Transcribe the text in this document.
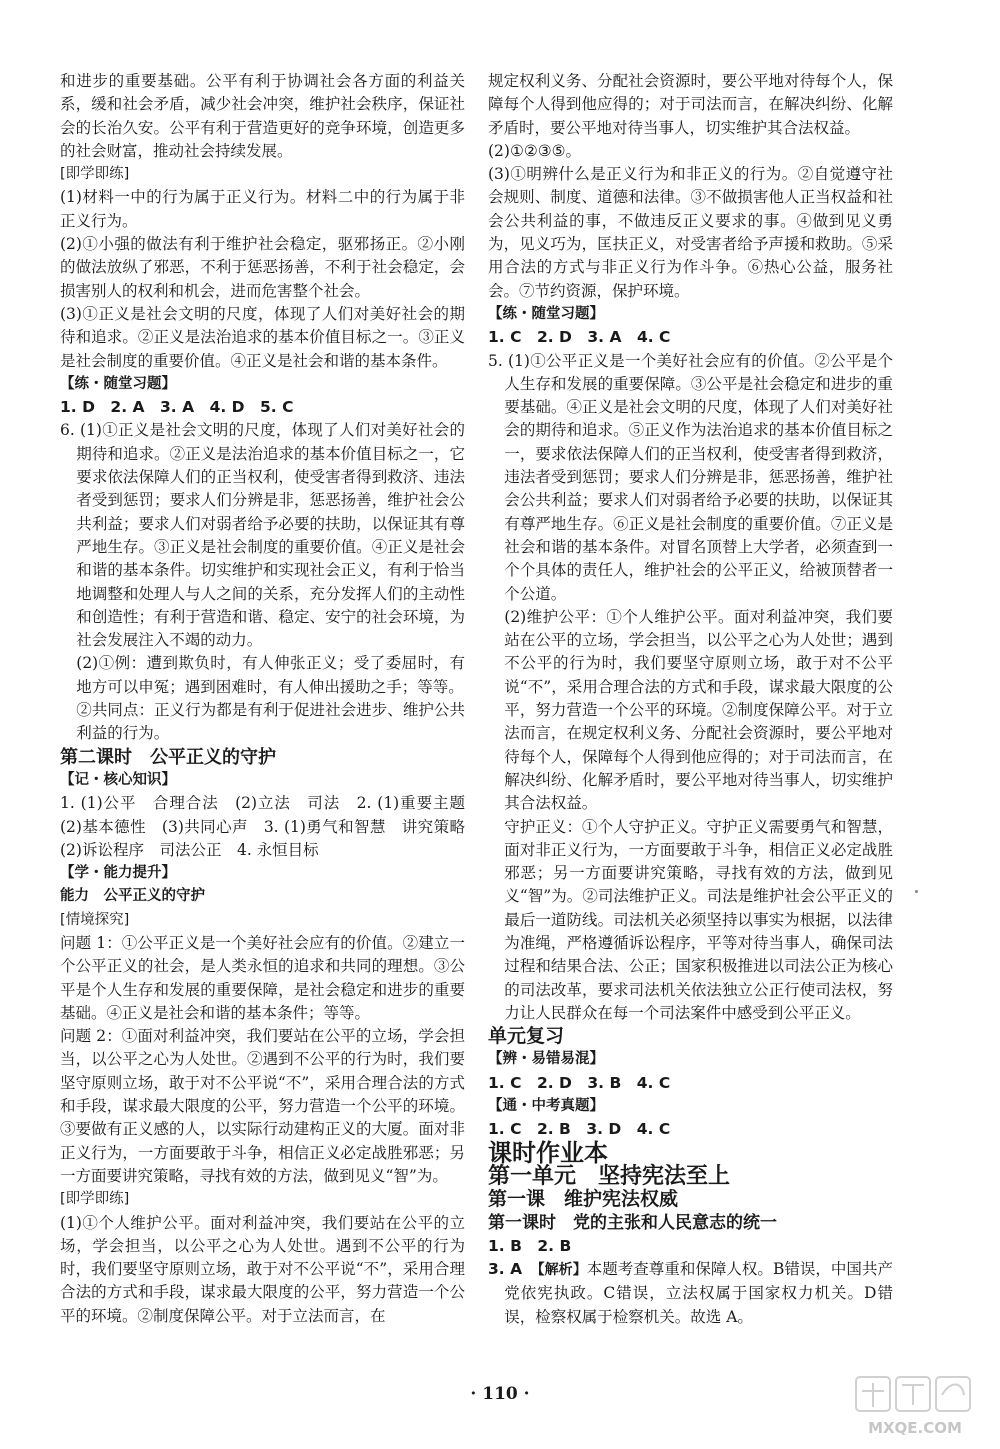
和进步的重要基础。公平有利于协调社会各方面的利益关系，缓和社会矛盾，减少社会冲突，维护社会秩序，保证社会的长治久安。公平有利于营造更好的竞争环境，创造更多的社会财富，推动社会持续发展。

[即学即练]

(1)材料一中的行为属于正义行为。材料二中的行为属于非正义行为。

(2)①小强的做法有利于维护社会稳定，驱邪扬正。②小刚的做法放纵了邪恶，不利于惩恶扬善，不利于社会稳定，会损害别人的权利和机会，进而危害整个社会。

(3)①正义是社会文明的尺度，体现了人们对美好社会的期待和追求。②正义是法治追求的基本价值目标之一。③正义是社会制度的重要价值。④正义是社会和谐的基本条件。

【练・随堂习题】

1. D　2. A　3. A　4. D　5. C

6. (1)①正义是社会文明的尺度，体现了人们对美好社会的期待和追求。②正义是法治追求的基本价值目标之一，它要求依法保障人们的正当权利，使受害者得到救济、违法者受到惩罚；要求人们分辨是非，惩恶扬善，维护社会公共利益；要求人们对弱者给予必要的扶助，以保证其有尊严地生存。③正义是社会制度的重要价值。④正义是社会和谐的基本条件。切实维护和实现社会正义，有利于恰当地调整和处理人与人之间的关系，充分发挥人们的主动性和创造性；有利于营造和谐、稳定、安宁的社会环境，为社会发展注入不竭的动力。

(2)①例：遭到欺负时，有人伸张正义；受了委屈时，有地方可以申冤；遇到困难时，有人伸出援助之手；等等。

②共同点：正义行为都是有利于促进社会进步、维护公共利益的行为。

第二课时　公平正义的守护

【记・核心知识】

1. (1)公平　合理合法　(2)立法　司法　2. (1)重要主题　(2)基本德性　(3)共同心声　3. (1)勇气和智慧　讲究策略　(2)诉讼程序　司法公正　4. 永恒目标

【学・能力提升】

能力　公平正义的守护

[情境探究]

问题 1：①公平正义是一个美好社会应有的价值。②建立一个公平正义的社会，是人类永恒的追求和共同的理想。③公平是个人生存和发展的重要保障，是社会稳定和进步的重要基础。④正义是社会和谐的基本条件；等等。

问题 2：①面对利益冲突，我们要站在公平的立场，学会担当，以公平之心为人处世。②遇到不公平的行为时，我们要坚守原则立场，敢于对不公平说“不”，采用合理合法的方式和手段，谋求最大限度的公平，努力营造一个公平的环境。③要做有正义感的人，以实际行动建构正义的大厦。面对非正义行为，一方面要敢于斗争，相信正义必定战胜邪恶；另一方面要讲究策略，寻找有效的方法，做到见义“智”为。

[即学即练]

(1)①个人维护公平。面对利益冲突，我们要站在公平的立场，学会担当，以公平之心为人处世。遇到不公平的行为时，我们要坚守原则立场，敢于对不公平说“不”，采用合理合法的方式和手段，谋求最大限度的公平，努力营造一个公平的环境。②制度保障公平。对于立法而言，在

规定权利义务、分配社会资源时，要公平地对待每个人，保障每个人得到他应得的；对于司法而言，在解决纠纷、化解矛盾时，要公平地对待当事人，切实维护其合法权益。

(2)①②③⑤。

(3)①明辨什么是正义行为和非正义的行为。②自觉遵守社会规则、制度、道德和法律。③不做损害他人正当权益和社会公共利益的事，不做违反正义要求的事。④做到见义勇为，见义巧为，匡扶正义，对受害者给予声援和救助。⑤采用合法的方式与非正义行为作斗争。⑥热心公益，服务社会。⑦节约资源，保护环境。

【练・随堂习题】

1. C　2. D　3. A　4. C

5. (1)①公平正义是一个美好社会应有的价值。②公平是个人生存和发展的重要保障。③公平是社会稳定和进步的重要基础。④正义是社会文明的尺度，体现了人们对美好社会的期待和追求。⑤正义作为法治追求的基本价值目标之一，要求依法保障人们的正当权利，使受害者得到救济，违法者受到惩罚；要求人们分辨是非，惩恶扬善，维护社会公共利益；要求人们对弱者给予必要的扶助，以保证其有尊严地生存。⑥正义是社会制度的重要价值。⑦正义是社会和谐的基本条件。对冒名顶替上大学者，必须查到一个个具体的责任人，维护社会的公平正义，给被顶替者一个公道。

(2)维护公平：①个人维护公平。面对利益冲突，我们要站在公平的立场，学会担当，以公平之心为人处世；遇到不公平的行为时，我们要坚守原则立场，敢于对不公平说“不”，采用合理合法的方式和手段，谋求最大限度的公平，努力营造一个公平的环境。②制度保障公平。对于立法而言，在规定权利义务、分配社会资源时，要公平地对待每个人，保障每个人得到他应得的；对于司法而言，在解决纠纷、化解矛盾时，要公平地对待当事人，切实维护其合法权益。

守护正义：①个人守护正义。守护正义需要勇气和智慧，面对非正义行为，一方面要敢于斗争，相信正义必定战胜邪恶；另一方面要讲究策略，寻找有效的方法，做到见义“智”为。②司法维护正义。司法是维护社会公平正义的最后一道防线。司法机关必须坚持以事实为根据，以法律为准绳，严格遵循诉讼程序，平等对待当事人，确保司法过程和结果合法、公正；国家积极推进以司法公正为核心的司法改革，要求司法机关依法独立公正行使司法权，努力让人民群众在每一个司法案件中感受到公平正义。

单元复习

【辨・易错易混】

1. C　2. D　3. B　4. C

【通・中考真题】

1. C　2. B　3. D　4. C

课时作业本

第一单元　坚持宪法至上

第一课　维护宪法权威

第一课时　党的主张和人民意志的统一

1. B　2. B

3. A　 【解析】本题考查尊重和保障人权。B错误，中国共产党依宪执政。C错误，立法权属于国家权力机关。D错误，检察权属于检察机关。故选 A。

· 110 ·
MXQE.COM
